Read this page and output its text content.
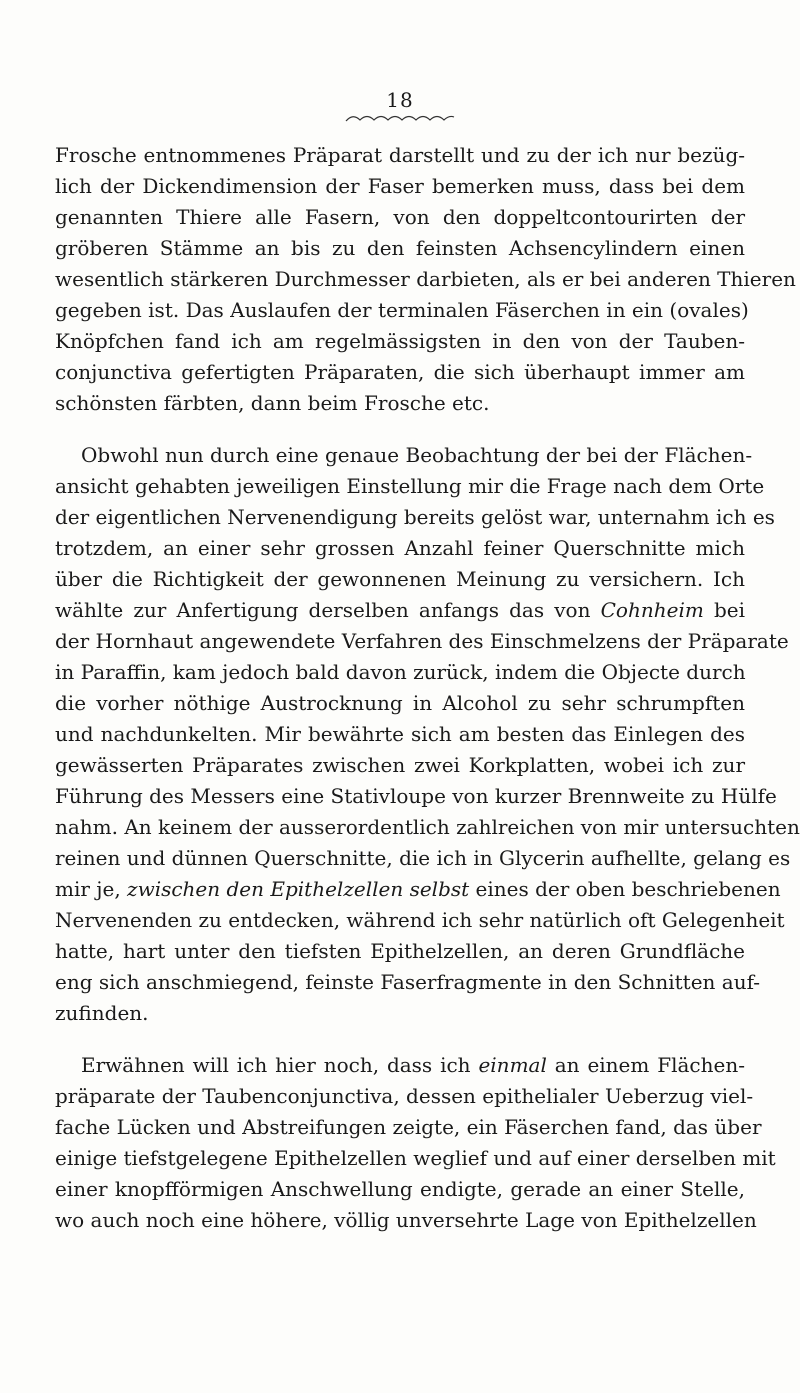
18
Frosche entnommenes Präparat darstellt und zu der ich nur bezüg-
lich der Dickendimension der Faser bemerken muss, dass bei dem
genannten Thiere alle Fasern, von den doppeltcontourirten der
gröberen Stämme an bis zu den feinsten Achsencylindern einen
wesentlich stärkeren Durchmesser darbieten, als er bei anderen Thieren
gegeben ist. Das Auslaufen der terminalen Fäserchen in ein (ovales)
Knöpfchen fand ich am regelmässigsten in den von der Tauben-
conjunctiva gefertigten Präparaten, die sich überhaupt immer am
schönsten färbten, dann beim Frosche etc.
Obwohl nun durch eine genaue Beobachtung der bei der Flächen-
ansicht gehabten jeweiligen Einstellung mir die Frage nach dem Orte
der eigentlichen Nervenendigung bereits gelöst war, unternahm ich es
trotzdem, an einer sehr grossen Anzahl feiner Querschnitte mich
über die Richtigkeit der gewonnenen Meinung zu versichern. Ich
wählte zur Anfertigung derselben anfangs das von Cohnheim bei
der Hornhaut angewendete Verfahren des Einschmelzens der Präparate
in Paraffin, kam jedoch bald davon zurück, indem die Objecte durch
die vorher nöthige Austrocknung in Alcohol zu sehr schrumpften
und nachdunkelten. Mir bewährte sich am besten das Einlegen des
gewässerten Präparates zwischen zwei Korkplatten, wobei ich zur
Führung des Messers eine Stativloupe von kurzer Brennweite zu Hülfe
nahm. An keinem der ausserordentlich zahlreichen von mir untersuchten
reinen und dünnen Querschnitte, die ich in Glycerin aufhellte, gelang es
mir je, zwischen den Epithelzellen selbst eines der oben beschriebenen
Nervenenden zu entdecken, während ich sehr natürlich oft Gelegenheit
hatte, hart unter den tiefsten Epithelzellen, an deren Grundfläche
eng sich anschmiegend, feinste Faserfragmente in den Schnitten auf-
zufinden.
Erwähnen will ich hier noch, dass ich einmal an einem Flächen-
präparate der Taubenconjunctiva, dessen epithelialer Ueberzug viel-
fache Lücken und Abstreifungen zeigte, ein Fäserchen fand, das über
einige tiefstgelegene Epithelzellen weglief und auf einer derselben mit
einer knopfförmigen Anschwellung endigte, gerade an einer Stelle,
wo auch noch eine höhere, völlig unversehrte Lage von Epithelzellen
